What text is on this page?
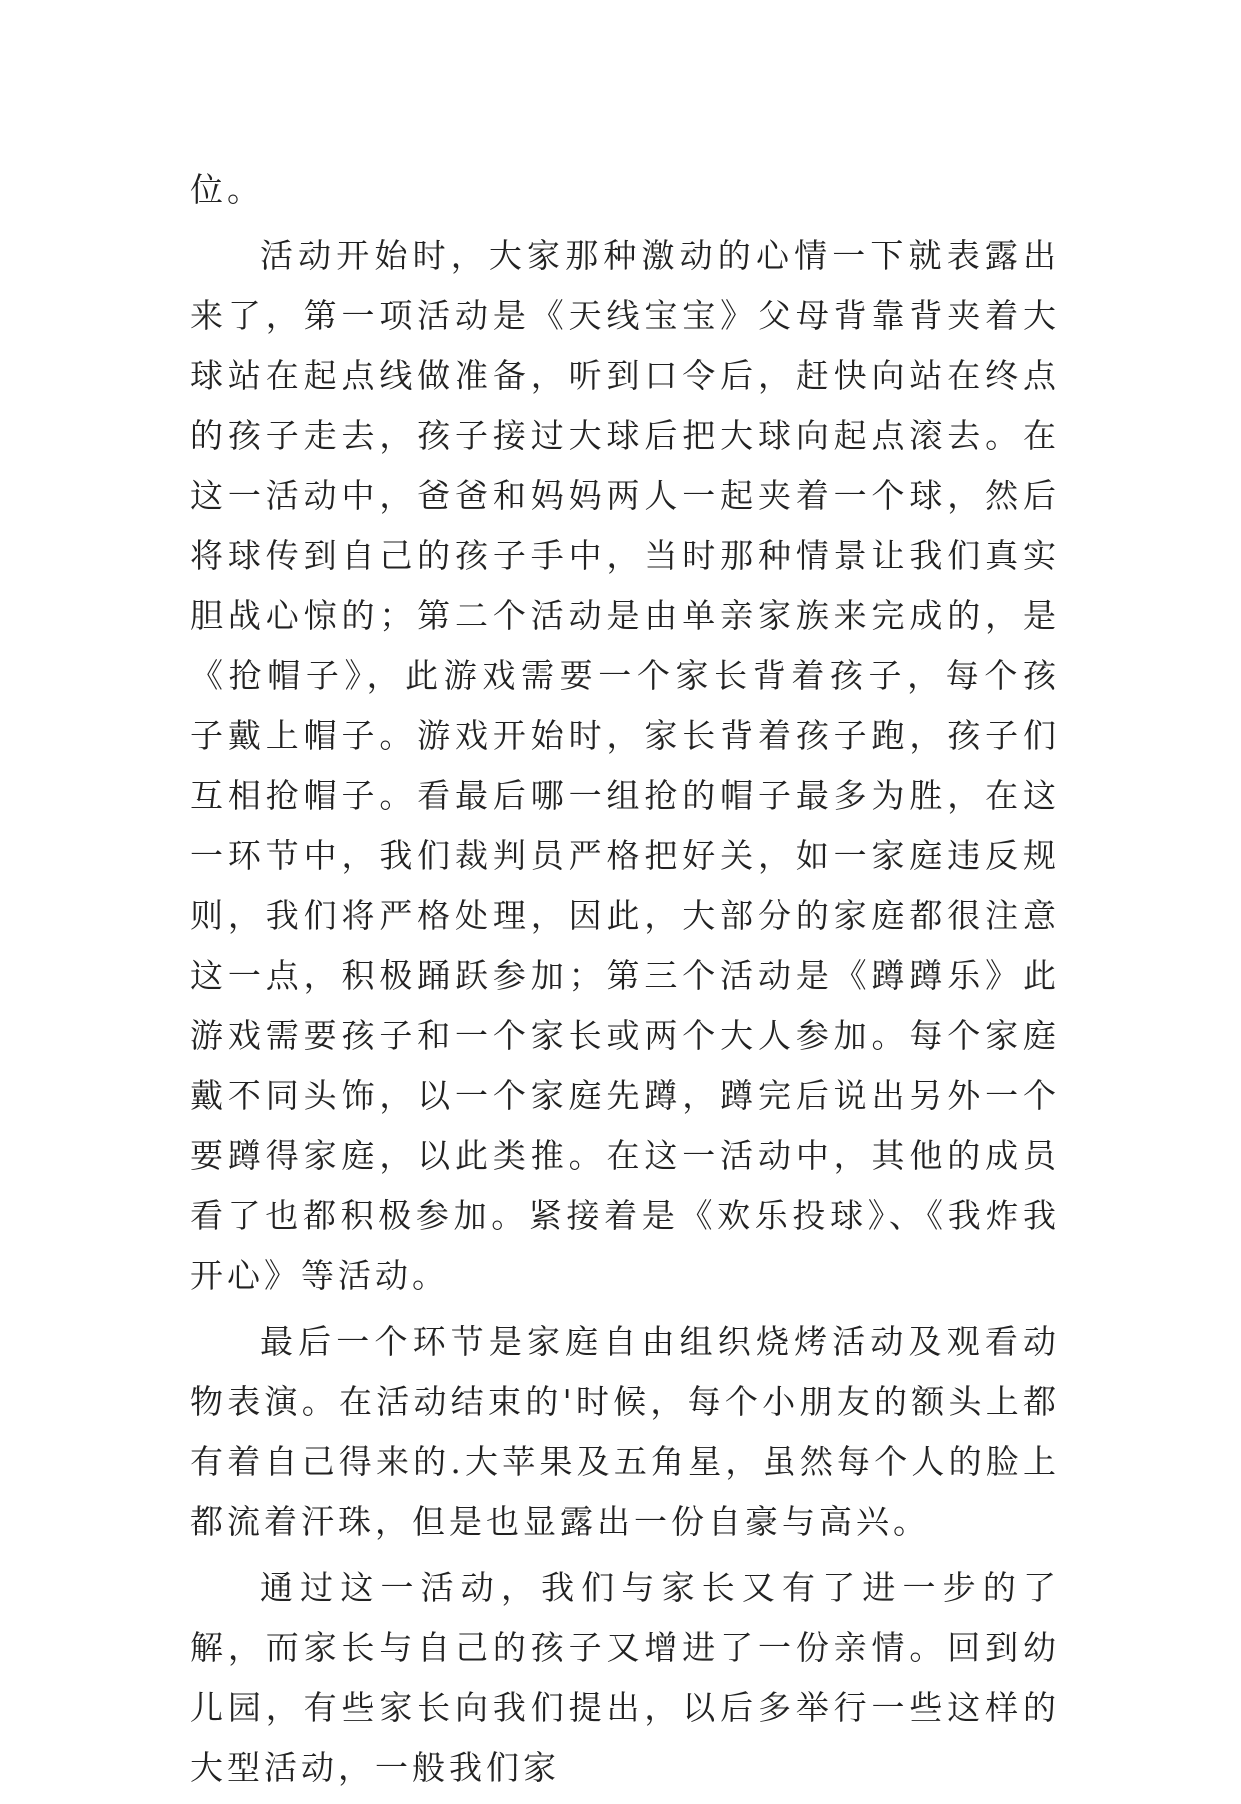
位。

活动开始时，大家那种激动的心情一下就表露出来了，第一项活动是《天线宝宝》父母背靠背夹着大球站在起点线做准备，听到口令后，赶快向站在终点的孩子走去，孩子接过大球后把大球向起点滚去。在这一活动中，爸爸和妈妈两人一起夹着一个球，然后将球传到自己的孩子手中，当时那种情景让我们真实胆战心惊的；第二个活动是由单亲家族来完成的，是《抢帽子》，此游戏需要一个家长背着孩子，每个孩子戴上帽子。游戏开始时，家长背着孩子跑，孩子们互相抢帽子。看最后哪一组抢的帽子最多为胜，在这一环节中，我们裁判员严格把好关，如一家庭违反规则，我们将严格处理，因此，大部分的家庭都很注意这一点，积极踊跃参加；第三个活动是《蹲蹲乐》此游戏需要孩子和一个家长或两个大人参加。每个家庭戴不同头饰，以一个家庭先蹲，蹲完后说出另外一个要蹲得家庭，以此类推。在这一活动中，其他的成员看了也都积极参加。紧接着是《欢乐投球》、《我炸我开心》等活动。

最后一个环节是家庭自由组织烧烤活动及观看动物表演。在活动结束的'时候，每个小朋友的额头上都有着自己得来的.大苹果及五角星，虽然每个人的脸上都流着汗珠，但是也显露出一份自豪与高兴。

通过这一活动，我们与家长又有了进一步的了解，而家长与自己的孩子又增进了一份亲情。回到幼儿园，有些家长向我们提出，以后多举行一些这样的大型活动，一般我们家
